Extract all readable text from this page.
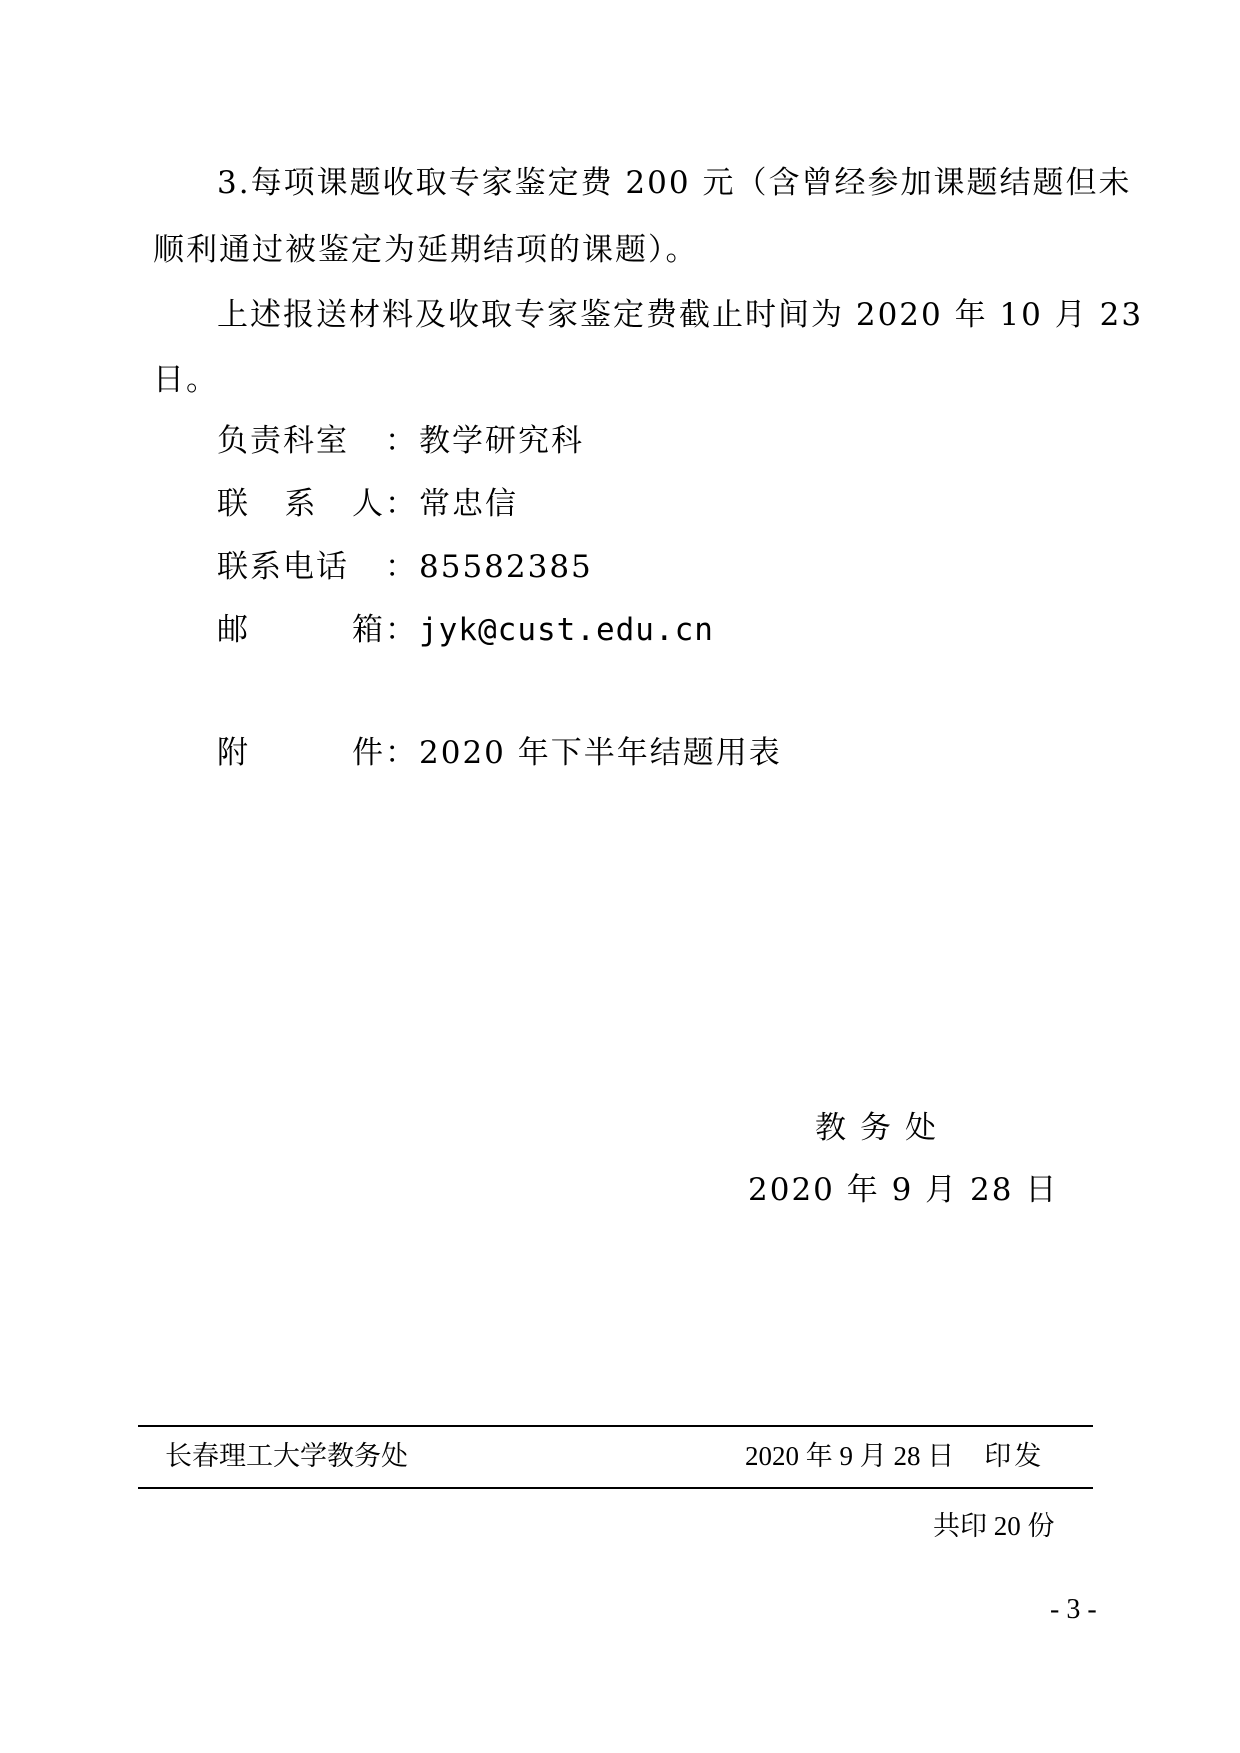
3.每项课题收取专家鉴定费 200 元（含曾经参加课题结题但未
顺利通过被鉴定为延期结项的课题）。
上述报送材料及收取专家鉴定费截止时间为 2020 年 10 月 23
日。
负责科室 ：教学研究科
联 系 人 ：常忠信
联系电话 ：85582385
邮	箱 ：jyk@cust.edu.cn
附	件 ：2020 年下半年结题用表
教务处
2020 年 9 月 28 日
长春理工大学教务处	2020 年 9 月 28 日 印发
共印 20 份
- 3 -
